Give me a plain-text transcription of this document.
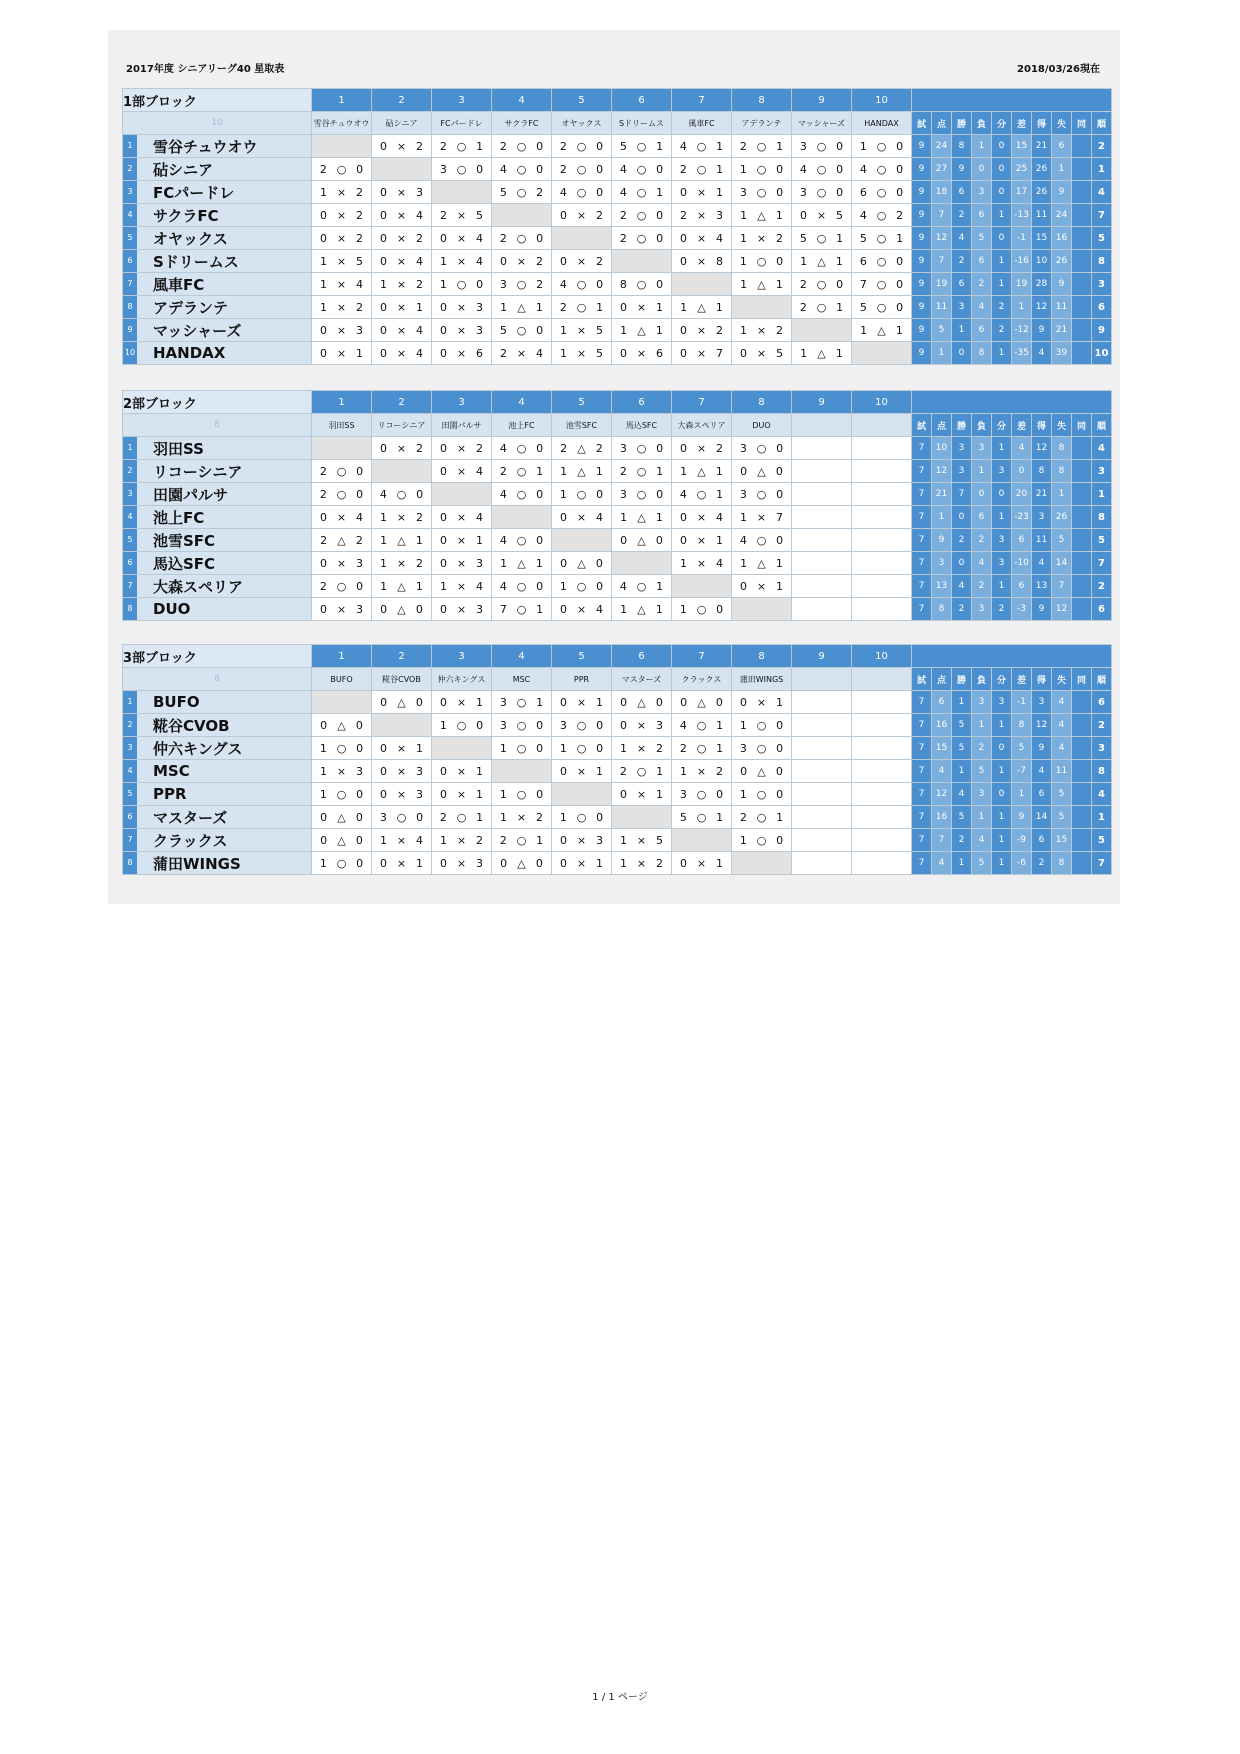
2017年度 シニアリーグ40 星取表	2018/03/26現在
1部ブロック	1	2	3	4	5	6	7	8	9	10										
10	雪谷チュウオウ	砧シニア	FCパードレ	サクラFC	オヤックス	Sドリームス	風車FC	アデランテ	マッシャーズ	HANDAX	試	点	勝	負	分	差	得	失	同	順

1 雪谷チュウオウ		0 × 2	2 ○ 1	2 ○ 0	2 ○ 0	5 ○ 1	4 ○ 1	2 ○ 1	3 ○ 0	1 ○ 0	9	24	8	1	0	15	21	6		2

2 砧シニア	2 ○ 0		3 ○ 0	4 ○ 0	2 ○ 0	4 ○ 0	2 ○ 1	1 ○ 0	4 ○ 0	4 ○ 0	9	27	9	0	0	25	26	1		1

3 FCパードレ	1 × 2	0 × 3		5 ○ 2	4 ○ 0	4 ○ 1	0 × 1	3 ○ 0	3 ○ 0	6 ○ 0	9	18	6	3	0	17	26	9		4

4 サクラFC	0 × 2	0 × 4	2 × 5		0 × 2	2 ○ 0	2 × 3	1 △ 1	0 × 5	4 ○ 2	9	7	2	6	1	-13	11	24		7

5 オヤックス	0 × 2	0 × 2	0 × 4	2 ○ 0		2 ○ 0	0 × 4	1 × 2	5 ○ 1	5 ○ 1	9	12	4	5	0	-1	15	16		5

6 Sドリームス	1 × 5	0 × 4	1 × 4	0 × 2	0 × 2		0 × 8	1 ○ 0	1 △ 1	6 ○ 0	9	7	2	6	1	-16	10	26		8

7 風車FC	1 × 4	1 × 2	1 ○ 0	3 ○ 2	4 ○ 0	8 ○ 0		1 △ 1	2 ○ 0	7 ○ 0	9	19	6	2	1	19	28	9		3

8 アデランテ	1 × 2	0 × 1	0 × 3	1 △ 1	2 ○ 1	0 × 1	1 △ 1		2 ○ 1	5 ○ 0	9	11	3	4	2	1	12	11		6

9 マッシャーズ	0 × 3	0 × 4	0 × 3	5 ○ 0	1 × 5	1 △ 1	0 × 2	1 × 2		1 △ 1	9	5	1	6	2	-12	9	21		9

10 HANDAX	0 × 1	0 × 4	0 × 6	2 × 4	1 × 5	0 × 6	0 × 7	0 × 5	1 △ 1		9	1	0	8	1	-35	4	39		10
2部ブロック	1	2	3	4	5	6	7	8	9	10										
8	羽田SS	リコーシニア	田園パルサ	池上FC	池雪SFC	馬込SFC	大森スペリア	DUO			試	点	勝	負	分	差	得	失	同	順

1 羽田SS		0 × 2	0 × 2	4 ○ 0	2 △ 2	3 ○ 0	0 × 2	3 ○ 0			7	10	3	3	1	4	12	8		4

2 リコーシニア	2 ○ 0		0 × 4	2 ○ 1	1 △ 1	2 ○ 1	1 △ 1	0 △ 0			7	12	3	1	3	0	8	8		3

3 田園パルサ	2 ○ 0	4 ○ 0		4 ○ 0	1 ○ 0	3 ○ 0	4 ○ 1	3 ○ 0			7	21	7	0	0	20	21	1		1

4 池上FC	0 × 4	1 × 2	0 × 4		0 × 4	1 △ 1	0 × 4	1 × 7			7	1	0	6	1	-23	3	26		8

5 池雪SFC	2 △ 2	1 △ 1	0 × 1	4 ○ 0		0 △ 0	0 × 1	4 ○ 0			7	9	2	2	3	6	11	5		5

6 馬込SFC	0 × 3	1 × 2	0 × 3	1 △ 1	0 △ 0		1 × 4	1 △ 1			7	3	0	4	3	-10	4	14		7

7 大森スペリア	2 ○ 0	1 △ 1	1 × 4	4 ○ 0	1 ○ 0	4 ○ 1		0 × 1			7	13	4	2	1	6	13	7		2

8 DUO	0 × 3	0 △ 0	0 × 3	7 ○ 1	0 × 4	1 △ 1	1 ○ 0				7	8	2	3	2	-3	9	12		6
3部ブロック	1	2	3	4	5	6	7	8	9	10										
8	BUFO	糀谷CVOB	仲六キングス	MSC	PPR	マスターズ	クラックス	蒲田WINGS			試	点	勝	負	分	差	得	失	同	順

1 BUFO		0 △ 0	0 × 1	3 ○ 1	0 × 1	0 △ 0	0 △ 0	0 × 1			7	6	1	3	3	-1	3	4		6

2 糀谷CVOB	0 △ 0		1 ○ 0	3 ○ 0	3 ○ 0	0 × 3	4 ○ 1	1 ○ 0			7	16	5	1	1	8	12	4		2

3 仲六キングス	1 ○ 0	0 × 1		1 ○ 0	1 ○ 0	1 × 2	2 ○ 1	3 ○ 0			7	15	5	2	0	5	9	4		3

4 MSC	1 × 3	0 × 3	0 × 1		0 × 1	2 ○ 1	1 × 2	0 △ 0			7	4	1	5	1	-7	4	11		8

5 PPR	1 ○ 0	0 × 3	0 × 1	1 ○ 0		0 × 1	3 ○ 0	1 ○ 0			7	12	4	3	0	1	6	5		4

6 マスターズ	0 △ 0	3 ○ 0	2 ○ 1	1 × 2	1 ○ 0		5 ○ 1	2 ○ 1			7	16	5	1	1	9	14	5		1

7 クラックス	0 △ 0	1 × 4	1 × 2	2 ○ 1	0 × 3	1 × 5		1 ○ 0			7	7	2	4	1	-9	6	15		5

8 蒲田WINGS	1 ○ 0	0 × 1	0 × 3	0 △ 0	0 × 1	1 × 2	0 × 1				7	4	1	5	1	-6	2	8		7
1 / 1 ページ
